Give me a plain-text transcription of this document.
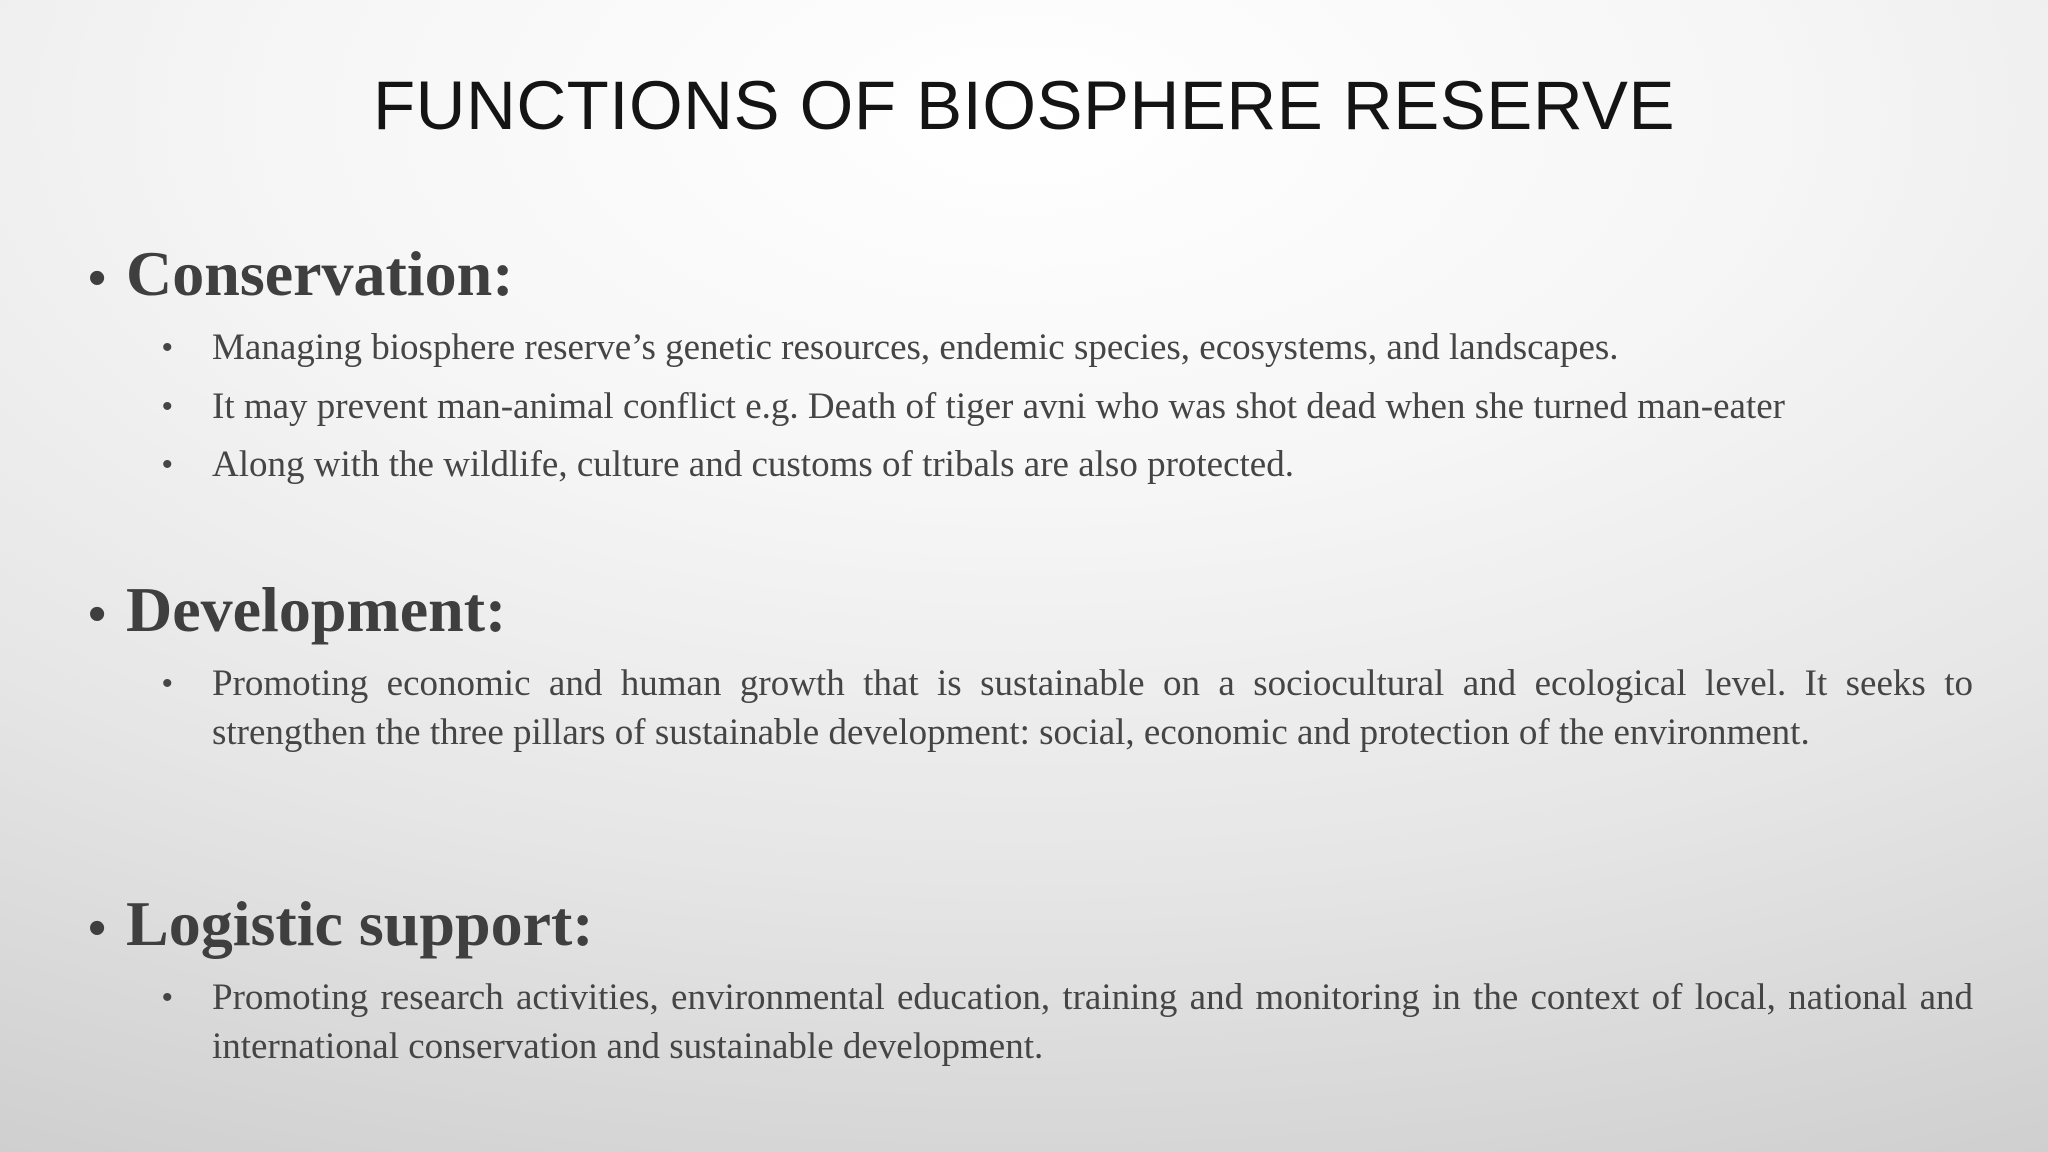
FUNCTIONS OF BIOSPHERE RESERVE
• Conservation:
• Managing biosphere reserve’s genetic resources, endemic species, ecosystems, and landscapes.
• It may prevent man-animal conflict e.g. Death of tiger avni who was shot dead when she turned man-eater
• Along with the wildlife, culture and customs of tribals are also protected.
• Development:
• Promoting economic and human growth that is sustainable on a sociocultural and ecological level. It seeks to strengthen the three pillars of sustainable development: social, economic and protection of the environment.
• Logistic support:
• Promoting research activities, environmental education, training and monitoring in the context of local, national and international conservation and sustainable development.
